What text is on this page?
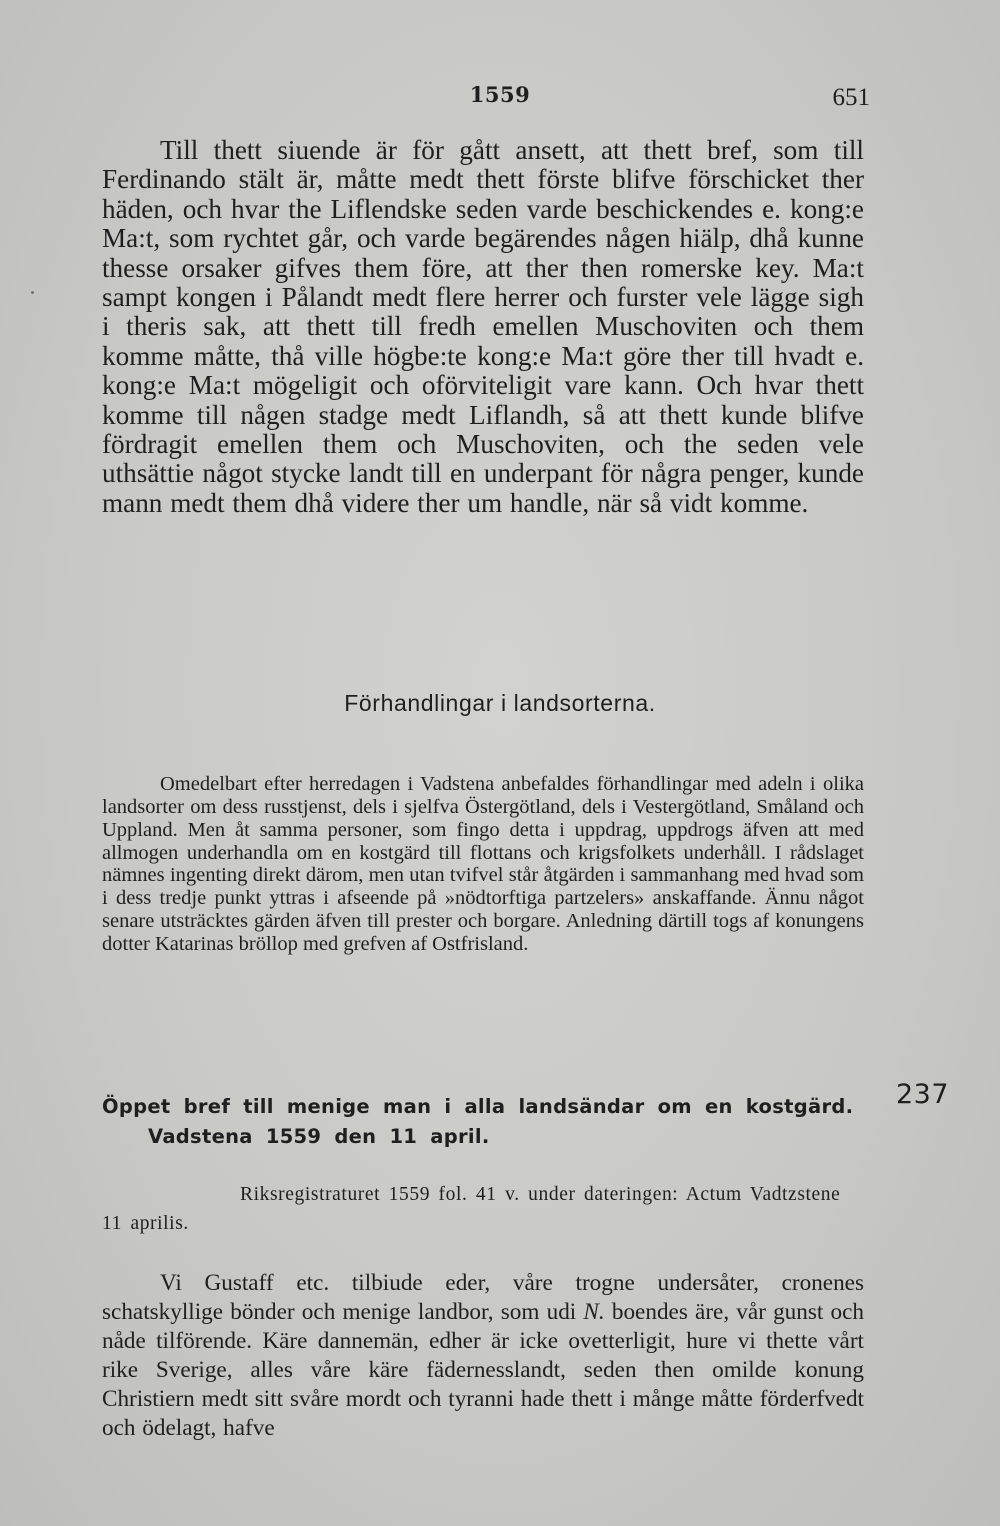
1559	651

Till thett siuende är för gått ansett, att thett bref, som till Ferdinando stält är, måtte medt thett förste blifve förschicket ther häden, och hvar the Liflendske seden varde beschickendes e. kong:e Ma:t, som rychtet går, och varde begärendes någen hiälp, dhå kunne thesse orsaker gifves them före, att ther then romerske key. Ma:t sampt kongen i Pålandt medt flere herrer och furster vele lägge sigh i theris sak, att thett till fredh emellen Muschoviten och them komme måtte, thå ville högbe:te kong:e Ma:t göre ther till hvadt e. kong:e Ma:t mögeligit och oförviteligit vare kann. Och hvar thett komme till någen stadge medt Liflandh, så att thett kunde blifve fördragit emellen them och Muschoviten, och the seden vele uthsättie något stycke landt till en underpant för några penger, kunde mann medt them dhå videre ther um handle, när så vidt komme.

Förhandlingar i landsorterna.

Omedelbart efter herredagen i Vadstena anbefaldes förhandlingar med adeln i olika landsorter om dess russtjenst, dels i sjelfva Östergötland, dels i Vestergötland, Småland och Uppland. Men åt samma personer, som fingo detta i uppdrag, uppdrogs äfven att med allmogen underhandla om en kostgärd till flottans och krigsfolkets underhåll. I rådslaget nämnes ingenting direkt därom, men utan tvifvel står åtgärden i sammanhang med hvad som i dess tredje punkt yttras i afseende på »nödtorftiga partzelers» anskaffande. Ännu något senare utsträcktes gärden äfven till prester och borgare. Anledning därtill togs af konungens dotter Katarinas bröllop med grefven af Ostfrisland.

Öppet bref till menige man i alla landsändar om en kostgärd.
Vadstena 1559 den 11 april.
237
Riksregistraturet 1559 fol. 41 v. under dateringen: Actum Vadtzstene 11 aprilis.

Vi Gustaff etc. tilbiude eder, våre trogne undersåter, cronenes schatskyllige bönder och menige landbor, som udi N. boendes äre, vår gunst och nåde tilförende. Käre dannemän, edher är icke ovetterligit, hure vi thette vårt rike Sverige, alles våre käre fädernesslandt, seden then omilde konung Christiern medt sitt svåre mordt och tyranni hade thett i månge måtte förderfvedt och ödelagt, hafve
